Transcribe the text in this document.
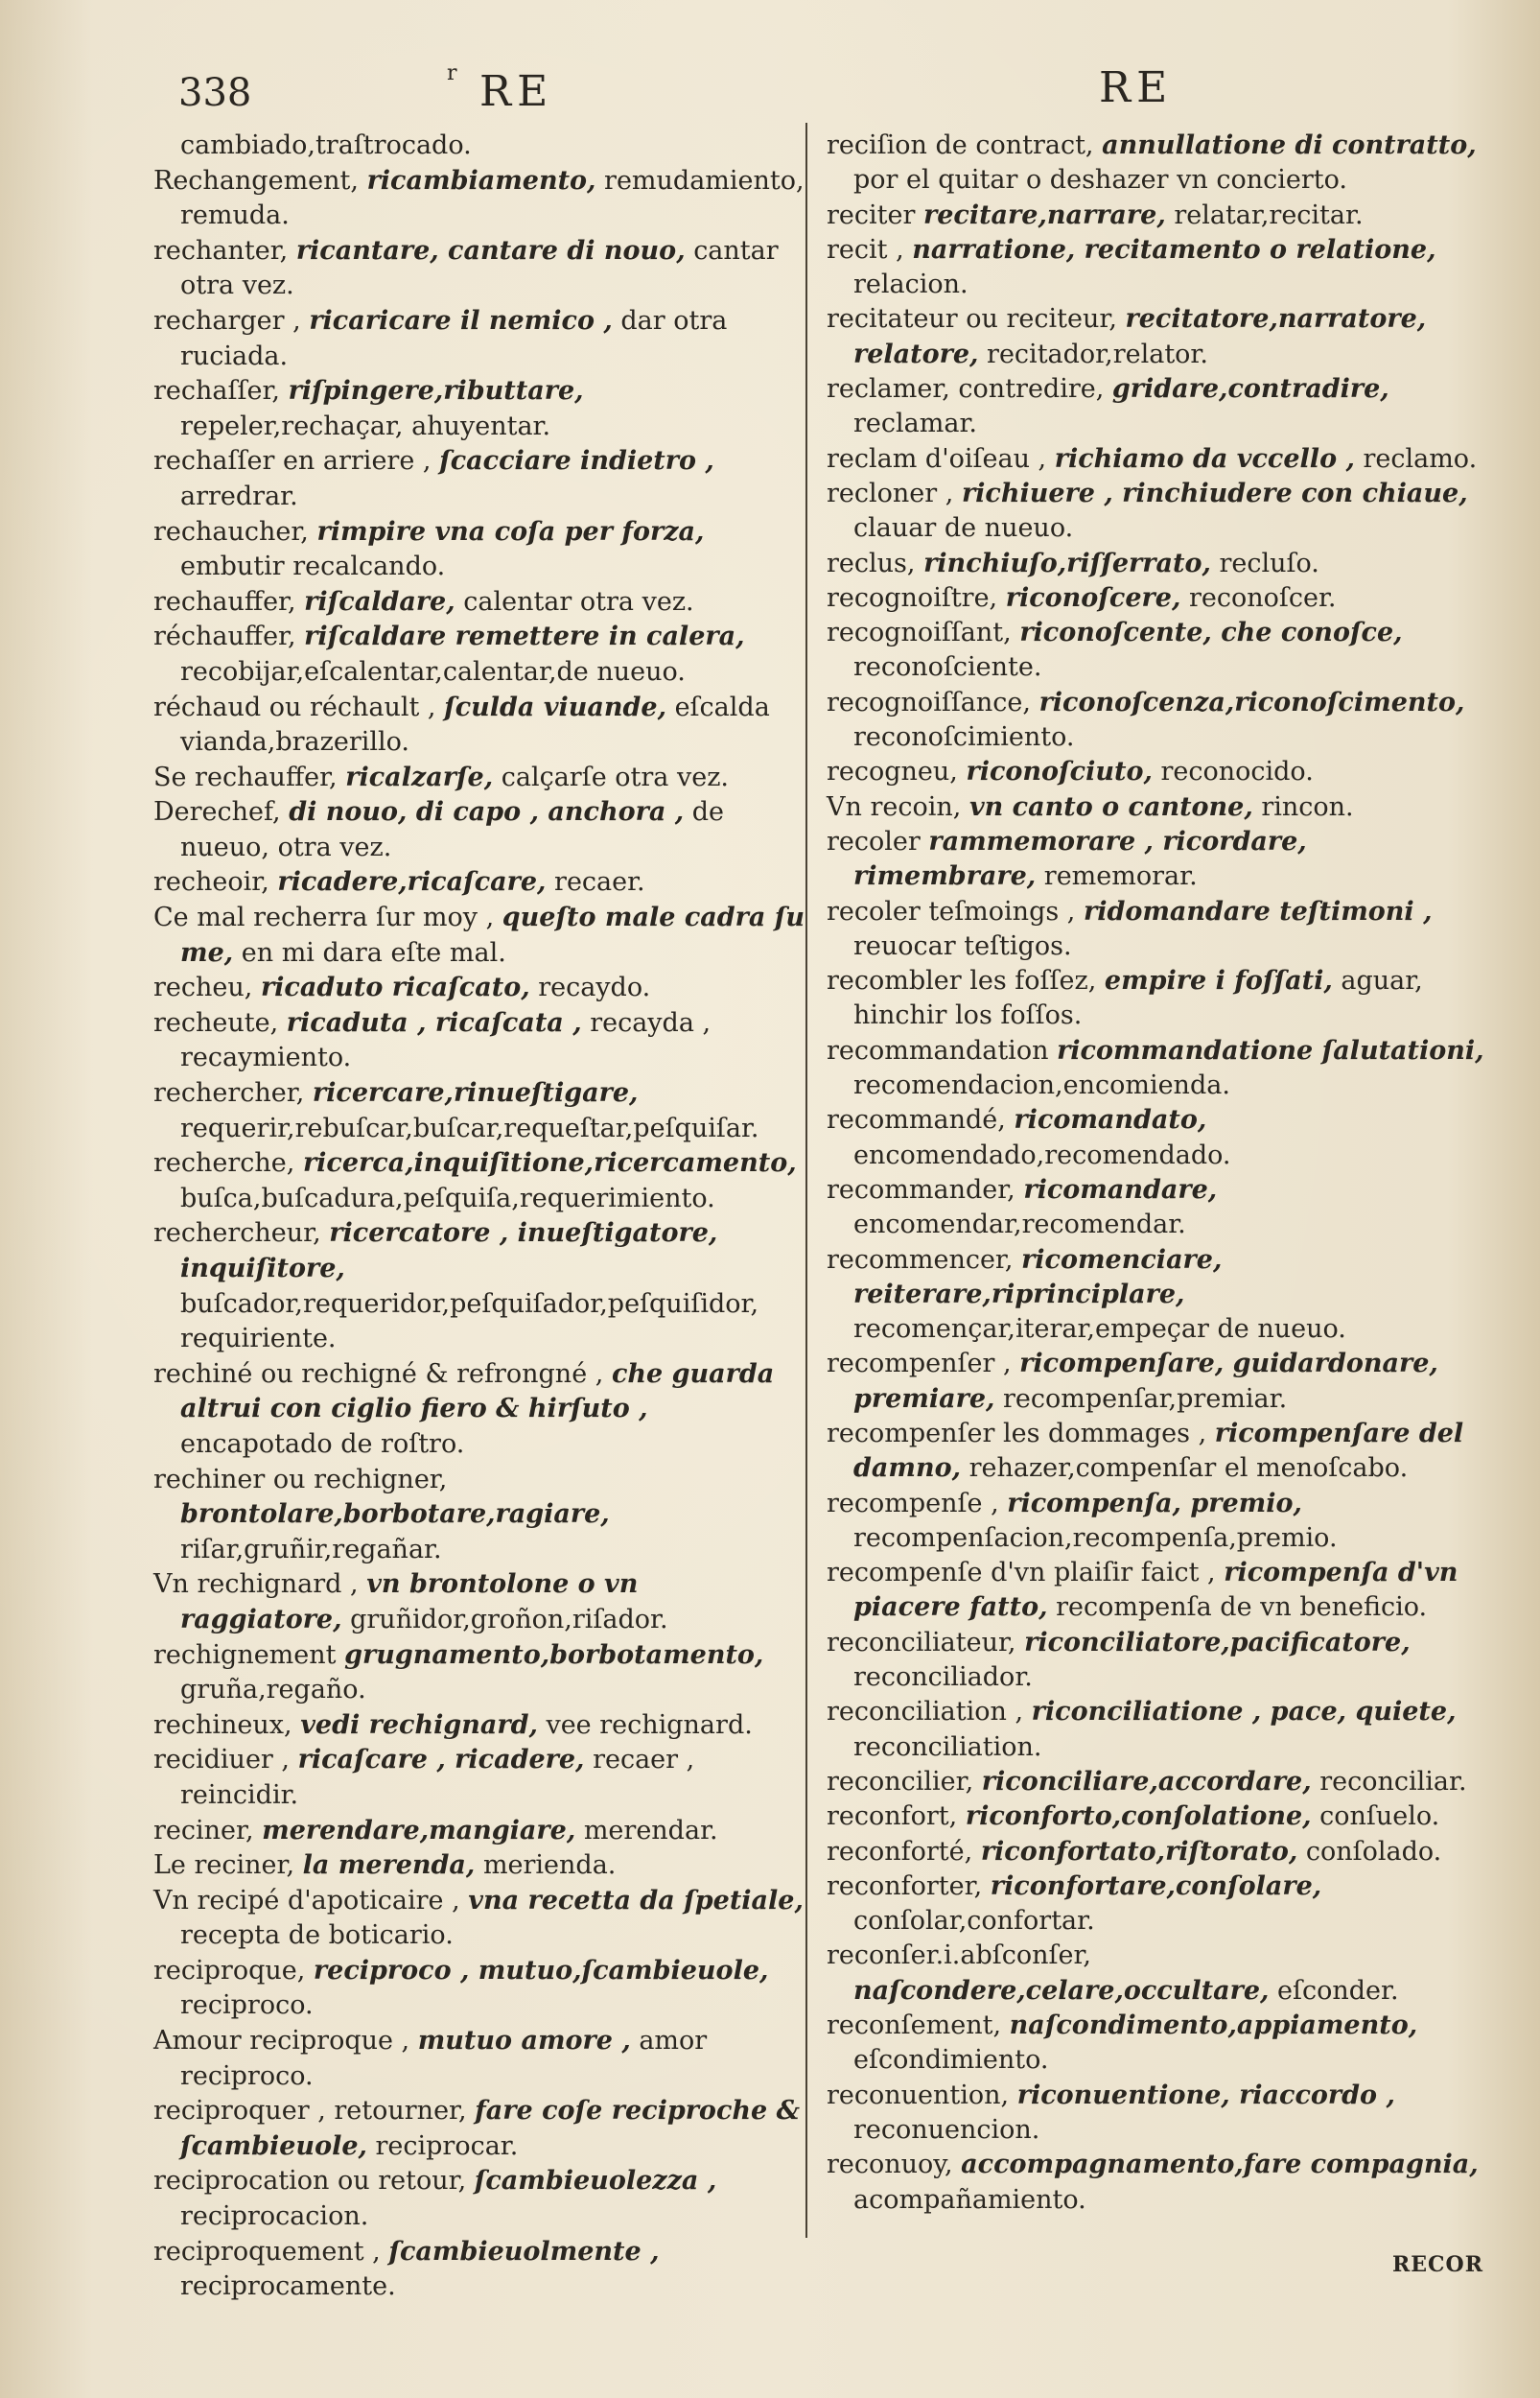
338	r RE	RE
cambiado,traſtrocado.
Rechangement, ricambiamento, remudamiento, remuda.
rechanter, ricantare, cantare di nouo, cantar otra vez.
recharger , ricaricare il nemico , dar otra ruciada.
rechaſſer, riſpingere,ributtare, repeler,rechaçar, ahuyentar.
rechaſſer en arriere , ſcacciare indietro , arredrar.
rechaucher, rimpire vna coſa per forza, embutir recalcando.
rechauffer, riſcaldare, calentar otra vez.
réchauffer, riſcaldare remettere in calera, recobijar,eſcalentar,calentar,de nueuo.
réchaud ou réchault , ſculda viuande, eſcalda vianda,brazerillo.
Se rechauffer, ricalzarſe, calçarſe otra vez.
Derechef, di nouo, di capo , anchora , de nueuo, otra vez.
recheoir, ricadere,ricaſcare, recaer.
Ce mal recherra ſur moy , queſto male cadra ſu me, en mi dara eſte mal.
recheu, ricaduto ricaſcato, recaydo.
recheute, ricaduta , ricaſcata , recayda , recaymiento.
rechercher, ricercare,rinueſtigare, requerir,rebuſcar,buſcar,requeſtar,peſquiſar.
recherche, ricerca,inquiſitione,ricercamento, buſca,buſcadura,peſquiſa,requerimiento.
rechercheur, ricercatore , inueſtigatore, inquiſitore, buſcador,requeridor,peſquiſador,peſquiſidor, requiriente.
rechiné ou rechigné & refrongné , che guarda altrui con ciglio fiero & hirſuto , encapotado de roſtro.
rechiner ou rechigner, brontolare,borbotare,ragiare, riſar,gruñir,regañar.
Vn rechignard , vn brontolone o vn raggiatore, gruñidor,groñon,riſador.
rechignement grugnamento,borbotamento, gruña,regaño.
rechineux, vedi rechignard, vee rechignard.
recidiuer , ricaſcare , ricadere, recaer , reincidir.
reciner, merendare,mangiare, merendar.
Le reciner, la merenda, merienda.
Vn recipé d'apoticaire , vna recetta da ſpetiale, recepta de boticario.
reciproque, reciproco , mutuo,ſcambieuole, reciproco.
Amour reciproque , mutuo amore , amor reciproco.
reciproquer , retourner, fare coſe reciproche & ſcambieuole, reciprocar.
reciprocation ou retour, ſcambieuolezza , reciprocacion.
reciproquement , ſcambieuolmente , reciprocamente.
reciſion de contract, annullatione di contratto, por el quitar o deshazer vn concierto.
reciter recitare,narrare, relatar,recitar.
recit , narratione, recitamento o relatione, relacion.
recitateur ou reciteur, recitatore,narratore, relatore, recitador,relator.
reclamer, contredire, gridare,contradire, reclamar.
reclam d'oiſeau , richiamo da vccello , reclamo.
recloner , richiuere , rinchiudere con chiaue, clauar de nueuo.
reclus, rinchiuſo,riſſerrato, recluſo.
recognoiſtre, riconoſcere, reconoſcer.
recognoiſſant, riconoſcente, che conoſce, reconoſciente.
recognoiſſance, riconoſcenza,riconoſcimento, reconoſcimiento.
recogneu, riconoſciuto, reconocido.
Vn recoin, vn canto o cantone, rincon.
recoler rammemorare , ricordare, rimembrare, rememorar.
recoler teſmoings , ridomandare teſtimoni , reuocar teſtigos.
recombler les foſſez, empire i foſſati, aguar, hinchir los foſſos.
recommandation ricommandatione ſalutationi, recomendacion,encomienda.
recommandé, ricomandato, encomendado,recomendado.
recommander, ricomandare, encomendar,recomendar.
recommencer, ricomenciare, reiterare,riprinciplare, recomençar,iterar,empeçar de nueuo.
recompenſer , ricompenſare, guidardonare, premiare, recompenſar,premiar.
recompenſer les dommages , ricompenſare del damno, rehazer,compenſar el menoſcabo.
recompenſe , ricompenſa, premio, recompenſacion,recompenſa,premio.
recompenſe d'vn plaiſir faict , ricompenſa d'vn piacere fatto, recompenſa de vn beneficio.
reconciliateur, riconciliatore,pacificatore, reconciliador.
reconciliation , riconciliatione , pace, quiete, reconciliation.
reconcilier, riconciliare,accordare, reconciliar.
reconfort, riconforto,conſolatione, conſuelo.
reconforté, riconfortato,riſtorato, conſolado.
reconforter, riconfortare,conſolare, conſolar,confortar.
reconſer.i.abſconſer, naſcondere,celare,occultare, eſconder.
reconſement, naſcondimento,appiamento, eſcondimiento.
reconuention, riconuentione, riaccordo , reconuencion.
reconuoy, accompagnamento,fare compagnia, acompañamiento.
RECOR
